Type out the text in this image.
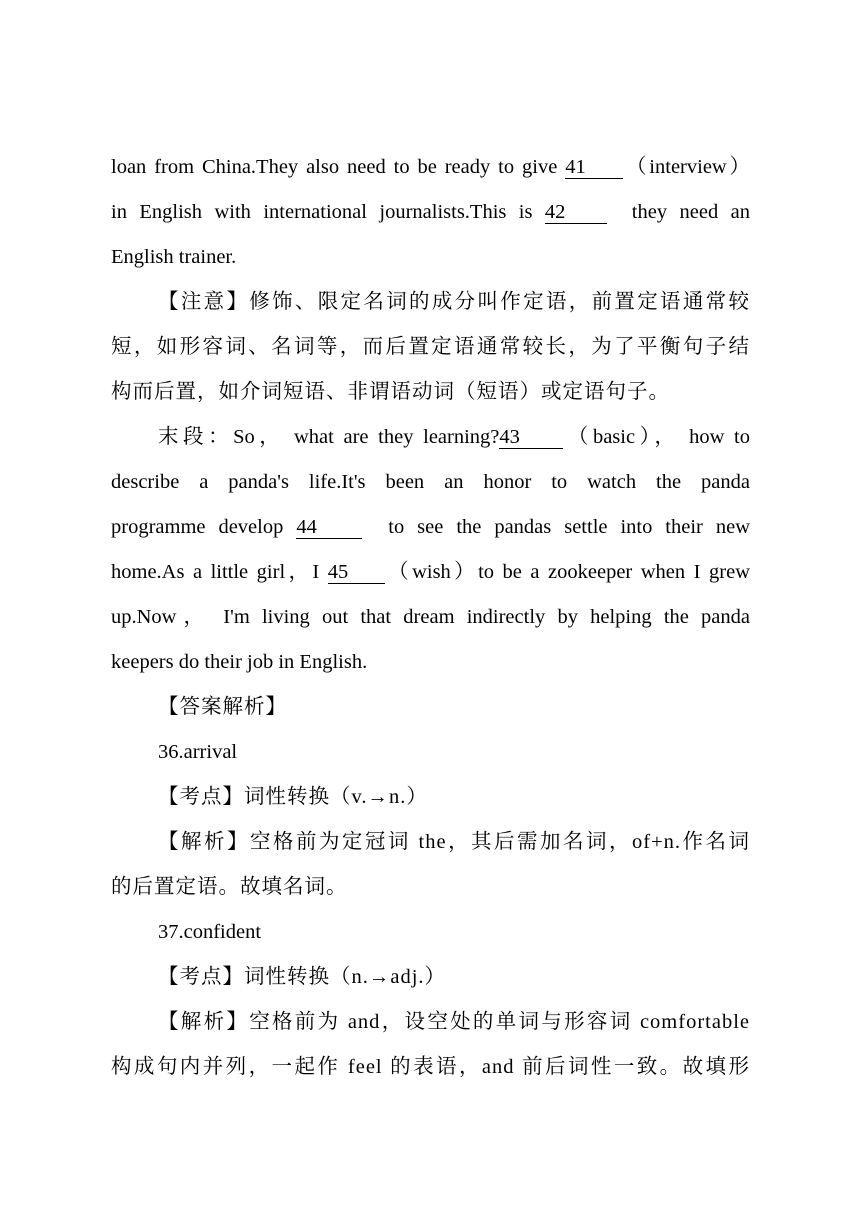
loan from China.They also need to be ready to give 41 （interview）
in English with international journalists.This is 42  they need an
English trainer.
【注意】修饰、限定名词的成分叫作定语，前置定语通常较
短，如形容词、名词等，而后置定语通常较长，为了平衡句子结
构而后置，如介词短语、非谓语动词（短语）或定语句子。
末段：So， what are they learning?43 （basic）， how to
describe a panda's life.It's been an honor to watch the panda
programme develop 44  to see the pandas settle into their new
home.As a little girl，I 45 （wish）to be a zookeeper when I grew
up.Now， I'm living out that dream indirectly by helping the panda
keepers do their job in English.
【答案解析】
36.arrival
【考点】词性转换（v.→n.）
【解析】空格前为定冠词 the，其后需加名词，of+n.作名词
的后置定语。故填名词。
37.confident
【考点】词性转换（n.→adj.）
【解析】空格前为 and，设空处的单词与形容词 comfortable
构成句内并列，一起作 feel 的表语，and 前后词性一致。故填形
